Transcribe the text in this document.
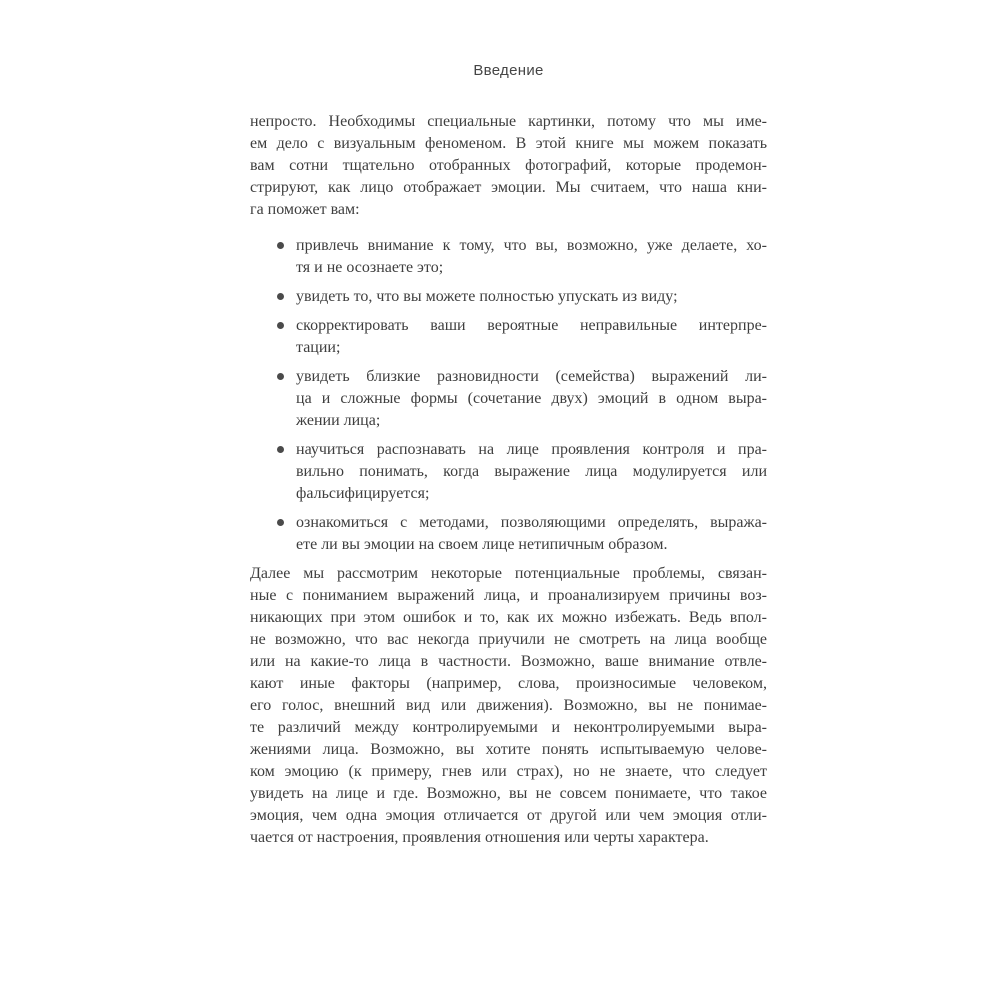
Введение
непросто. Необходимы специальные картинки, потому что мы име-
ем дело с визуальным феноменом. В этой книге мы можем показать
вам сотни тщательно отобранных фотографий, которые продемон-
стрируют, как лицо отображает эмоции. Мы считаем, что наша кни-
га поможет вам:
привлечь внимание к тому, что вы, возможно, уже делаете, хо-
тя и не осознаете это;
увидеть то, что вы можете полностью упускать из виду;
скорректировать ваши вероятные неправильные интерпре-
тации;
увидеть близкие разновидности (семейства) выражений ли-
ца и сложные формы (сочетание двух) эмоций в одном выра-
жении лица;
научиться распознавать на лице проявления контроля и пра-
вильно понимать, когда выражение лица модулируется или
фальсифицируется;
ознакомиться с методами, позволяющими определять, выража-
ете ли вы эмоции на своем лице нетипичным образом.
Далее мы рассмотрим некоторые потенциальные проблемы, связан-
ные с пониманием выражений лица, и проанализируем причины воз-
никающих при этом ошибок и то, как их можно избежать. Ведь впол-
не возможно, что вас некогда приучили не смотреть на лица вообще
или на какие-то лица в частности. Возможно, ваше внимание отвле-
кают иные факторы (например, слова, произносимые человеком,
его голос, внешний вид или движения). Возможно, вы не понимае-
те различий между контролируемыми и неконтролируемыми выра-
жениями лица. Возможно, вы хотите понять испытываемую челове-
ком эмоцию (к примеру, гнев или страх), но не знаете, что следует
увидеть на лице и где. Возможно, вы не совсем понимаете, что такое
эмоция, чем одна эмоция отличается от другой или чем эмоция отли-
чается от настроения, проявления отношения или черты характера.
